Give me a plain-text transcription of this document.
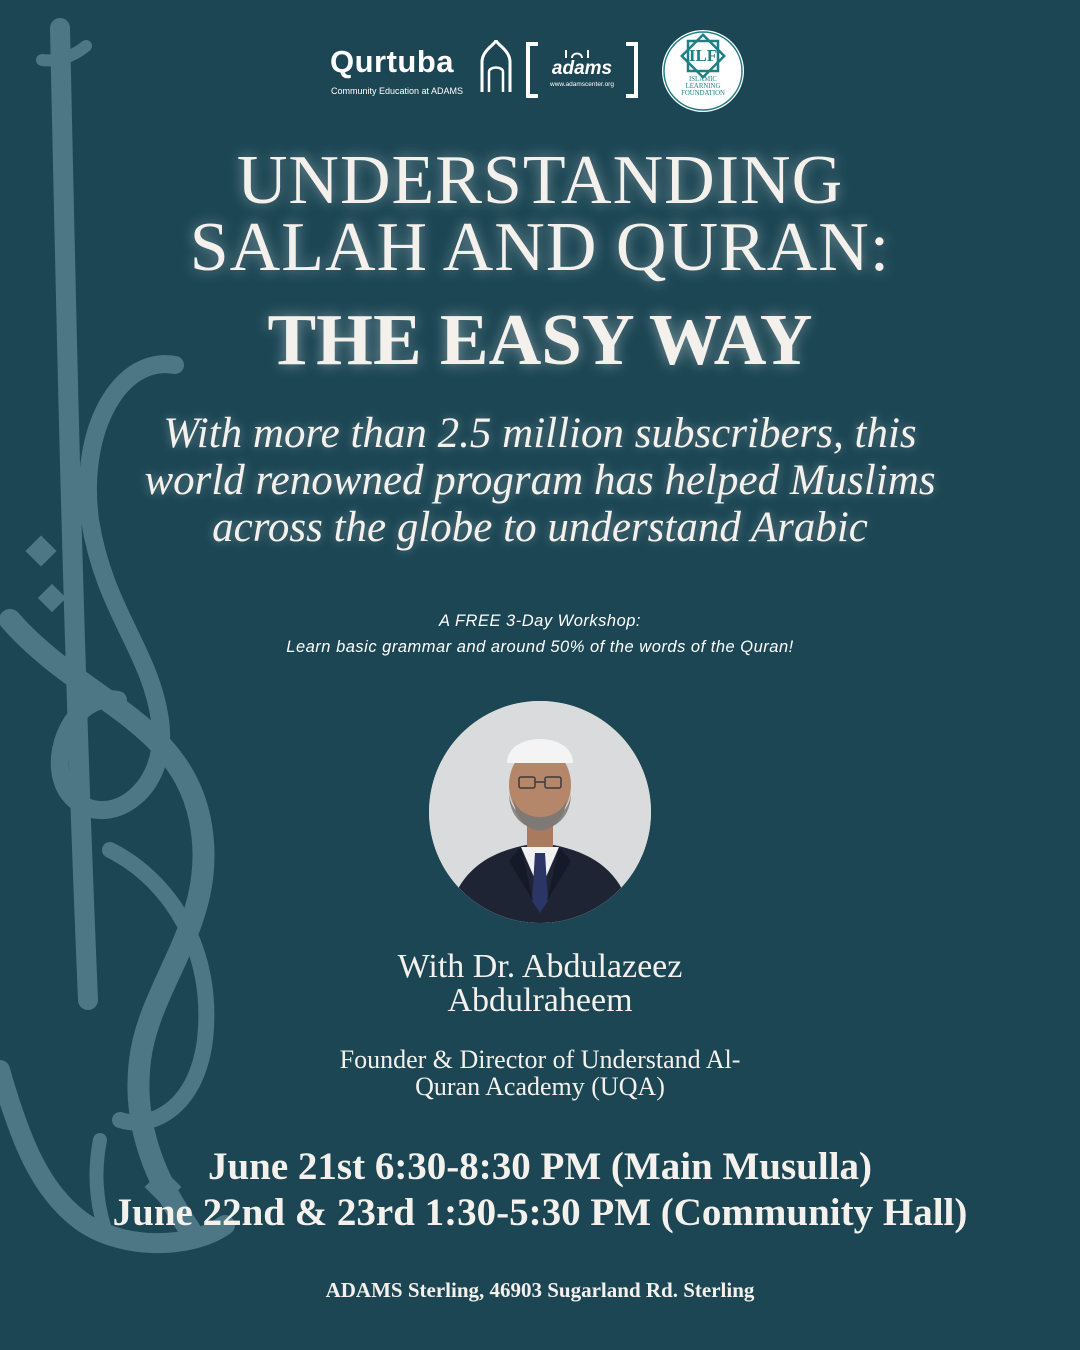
Qurtuba
Community Education at ADAMS
adams
www.adamscenter.org
ILF
ISLAMIC
LEARNING
FOUNDATION
UNDERSTANDING
SALAH AND QURAN:
THE EASY WAY
With more than 2.5 million subscribers, this
world renowned program has helped Muslims
across the globe to understand Arabic
A FREE 3-Day Workshop:
Learn basic grammar and around 50% of the words of the Quran!
With Dr. Abdulazeez
Abdulraheem
Founder & Director of Understand Al-
Quran Academy (UQA)
June 21st 6:30-8:30 PM (Main Musulla)
June 22nd & 23rd 1:30-5:30 PM (Community Hall)
ADAMS Sterling, 46903 Sugarland Rd. Sterling
